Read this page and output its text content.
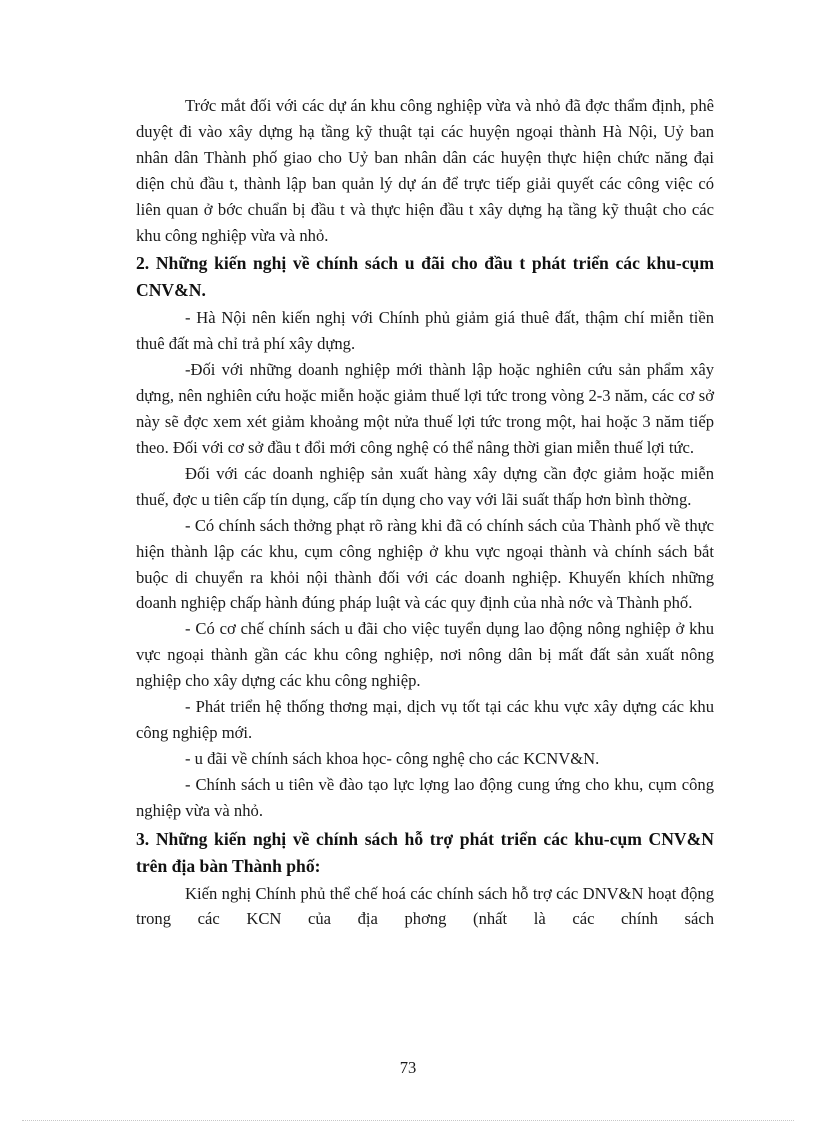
Trớc mắt đối với các dự án khu công nghiệp vừa và nhỏ đã đợc thẩm định, phê duyệt đi vào xây dựng hạ tầng kỹ thuật tại các huyện ngoại thành Hà Nội, Uỷ ban nhân dân Thành phố giao cho Uỷ ban nhân dân các huyện thực hiện chức năng đại diện chủ đầu t, thành lập ban quản lý dự án để trực tiếp giải quyết các công việc có liên quan ở bớc chuẩn bị đầu t và thực hiện đầu t xây dựng hạ tầng kỹ thuật cho các khu công nghiệp vừa và nhỏ.

2. Những kiến nghị về chính sách u đãi cho đầu t phát triển các khu-cụm CNV&N.

- Hà Nội nên kiến nghị với Chính phủ giảm giá thuê đất, thậm chí miễn tiền thuê đất mà chỉ trả phí xây dựng.

-Đối với những doanh nghiệp mới thành lập hoặc nghiên cứu sản phẩm xây dựng, nên nghiên cứu hoặc miễn hoặc giảm thuế lợi tức trong vòng 2-3 năm, các cơ sở này sẽ đợc xem xét giảm khoảng một nửa thuế lợi tức trong một, hai hoặc 3 năm tiếp theo. Đối với cơ sở đầu t đổi mới công nghệ có thể nâng thời gian miễn thuế lợi tức.

Đối với các doanh nghiệp sản xuất hàng xây dựng cần đợc giảm hoặc miễn thuế, đợc u tiên cấp tín dụng, cấp tín dụng cho vay với lãi suất thấp hơn bình thờng.

- Có chính sách thởng phạt rõ ràng khi đã có chính sách của Thành phố về thực hiện thành lập các khu, cụm công nghiệp ở khu vực ngoại thành và chính sách bắt buộc di chuyển ra khỏi nội thành đối với các doanh nghiệp. Khuyến khích những doanh nghiệp chấp hành đúng pháp luật và các quy định của nhà nớc và Thành phố.

- Có cơ chế chính sách u đãi cho việc tuyển dụng lao động nông nghiệp ở khu vực ngoại thành gần các khu công nghiệp, nơi nông dân bị mất đất sản xuất nông nghiệp cho xây dựng các khu công nghiệp.

- Phát triển hệ thống thơng mại, dịch vụ tốt tại các khu vực xây dựng các khu công nghiệp mới.

- u đãi về chính sách khoa học- công nghệ cho các KCNV&N.

- Chính sách u tiên về đào tạo lực lợng lao động cung ứng cho khu, cụm công nghiệp vừa và nhỏ.

3. Những kiến nghị về chính sách hỗ trợ phát triển các khu-cụm CNV&N trên địa bàn Thành phố:

Kiến nghị Chính phủ thể chế hoá các chính sách hỗ trợ các DNV&N hoạt động trong các KCN của địa phơng (nhất là các chính sách

73
